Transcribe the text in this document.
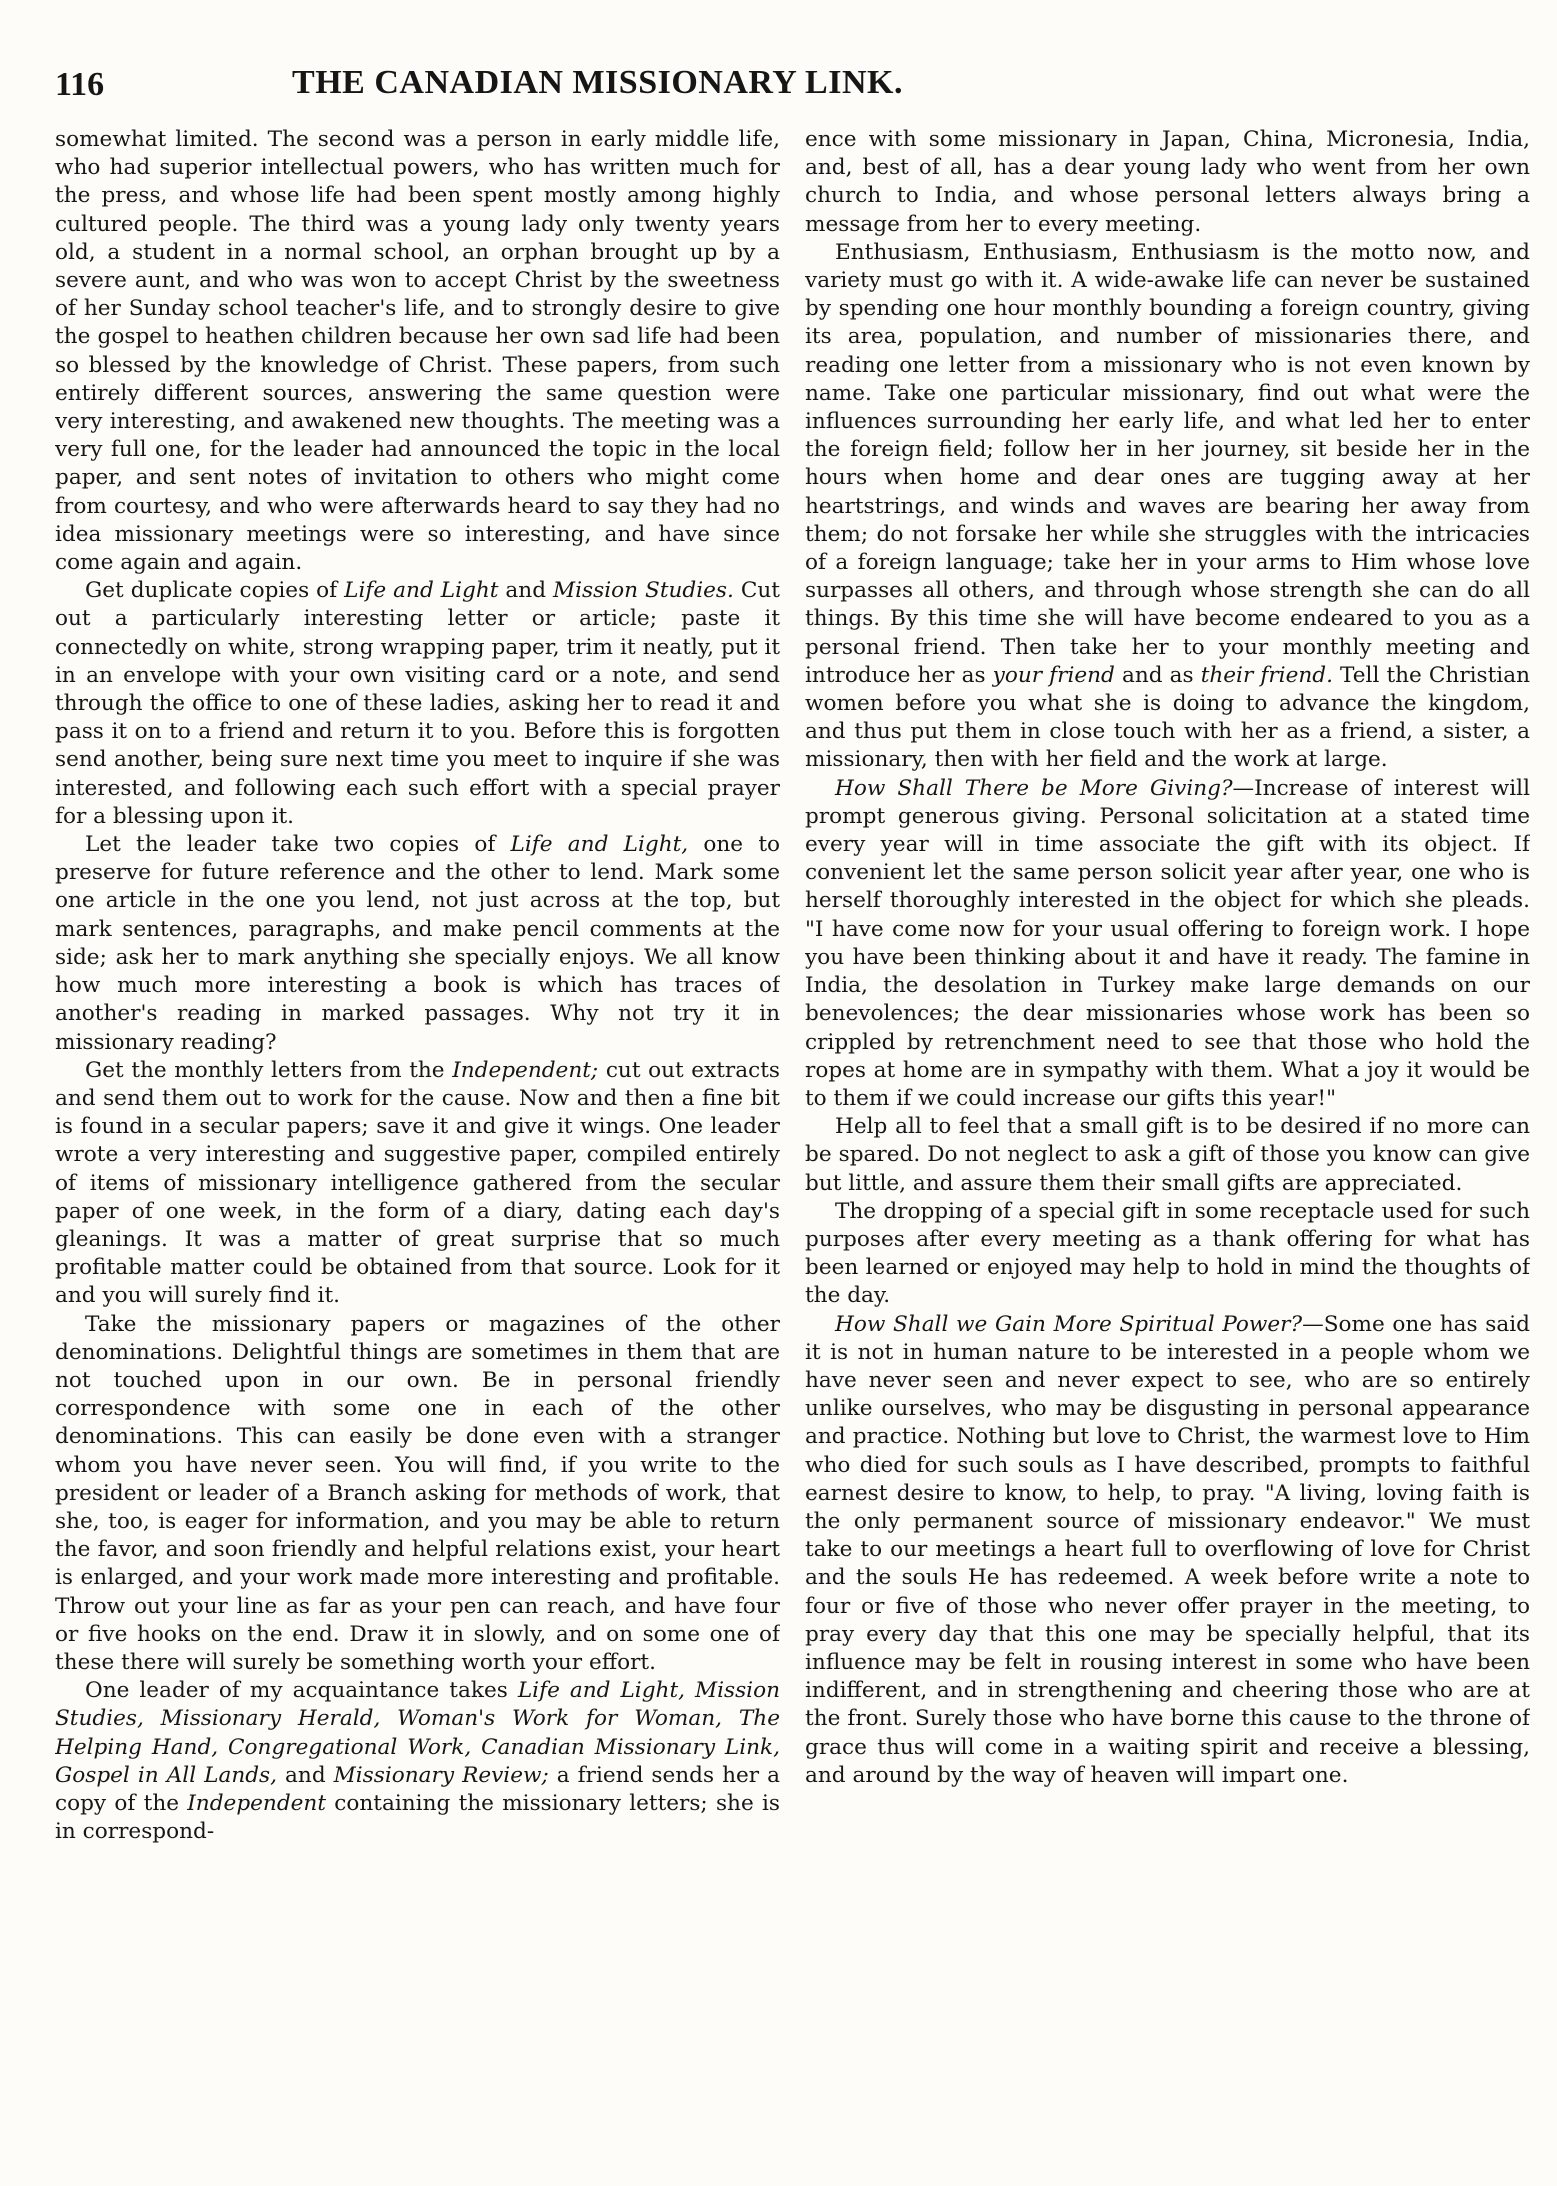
116	THE CANADIAN MISSIONARY LINK.

somewhat limited. The second was a person in early middle life, who had superior intellectual powers, who has written much for the press, and whose life had been spent mostly among highly cultured people. The third was a young lady only twenty years old, a student in a normal school, an orphan brought up by a severe aunt, and who was won to accept Christ by the sweetness of her Sunday school teacher's life, and to strongly desire to give the gospel to heathen children because her own sad life had been so blessed by the knowledge of Christ. These papers, from such entirely different sources, answering the same question were very interesting, and awakened new thoughts. The meeting was a very full one, for the leader had announced the topic in the local paper, and sent notes of invitation to others who might come from courtesy, and who were afterwards heard to say they had no idea missionary meetings were so interesting, and have since come again and again.

Get duplicate copies of Life and Light and Mission Studies. Cut out a particularly interesting letter or article; paste it connectedly on white, strong wrapping paper, trim it neatly, put it in an envelope with your own visiting card or a note, and send through the office to one of these ladies, asking her to read it and pass it on to a friend and return it to you. Before this is forgotten send another, being sure next time you meet to inquire if she was interested, and following each such effort with a special prayer for a blessing upon it.

Let the leader take two copies of Life and Light, one to preserve for future reference and the other to lend. Mark some one article in the one you lend, not just across at the top, but mark sentences, paragraphs, and make pencil comments at the side; ask her to mark anything she specially enjoys. We all know how much more interesting a book is which has traces of another's reading in marked passages. Why not try it in missionary reading?

Get the monthly letters from the Independent; cut out extracts and send them out to work for the cause. Now and then a fine bit is found in a secular papers; save it and give it wings. One leader wrote a very interesting and suggestive paper, compiled entirely of items of missionary intelligence gathered from the secular paper of one week, in the form of a diary, dating each day's gleanings. It was a matter of great surprise that so much profitable matter could be obtained from that source. Look for it and you will surely find it.

Take the missionary papers or magazines of the other denominations. Delightful things are sometimes in them that are not touched upon in our own. Be in personal friendly correspondence with some one in each of the other denominations. This can easily be done even with a stranger whom you have never seen. You will find, if you write to the president or leader of a Branch asking for methods of work, that she, too, is eager for information, and you may be able to return the favor, and soon friendly and helpful relations exist, your heart is enlarged, and your work made more interesting and profitable. Throw out your line as far as your pen can reach, and have four or five hooks on the end. Draw it in slowly, and on some one of these there will surely be something worth your effort.

One leader of my acquaintance takes Life and Light, Mission Studies, Missionary Herald, Woman's Work for Woman, The Helping Hand, Congregational Work, Canadian Missionary Link, Gospel in All Lands, and Missionary Review; a friend sends her a copy of the Independent containing the missionary letters; she is in correspond-

ence with some missionary in Japan, China, Micronesia, India, and, best of all, has a dear young lady who went from her own church to India, and whose personal letters always bring a message from her to every meeting.

Enthusiasm, Enthusiasm, Enthusiasm is the motto now, and variety must go with it. A wide-awake life can never be sustained by spending one hour monthly bounding a foreign country, giving its area, population, and number of missionaries there, and reading one letter from a missionary who is not even known by name. Take one particular missionary, find out what were the influences surrounding her early life, and what led her to enter the foreign field; follow her in her journey, sit beside her in the hours when home and dear ones are tugging away at her heartstrings, and winds and waves are bearing her away from them; do not forsake her while she struggles with the intricacies of a foreign language; take her in your arms to Him whose love surpasses all others, and through whose strength she can do all things. By this time she will have become endeared to you as a personal friend. Then take her to your monthly meeting and introduce her as your friend and as their friend. Tell the Christian women before you what she is doing to advance the kingdom, and thus put them in close touch with her as a friend, a sister, a missionary, then with her field and the work at large.

How Shall There be More Giving?—Increase of interest will prompt generous giving. Personal solicitation at a stated time every year will in time associate the gift with its object. If convenient let the same person solicit year after year, one who is herself thoroughly interested in the object for which she pleads. "I have come now for your usual offering to foreign work. I hope you have been thinking about it and have it ready. The famine in India, the desolation in Turkey make large demands on our benevolences; the dear missionaries whose work has been so crippled by retrenchment need to see that those who hold the ropes at home are in sympathy with them. What a joy it would be to them if we could increase our gifts this year!"

Help all to feel that a small gift is to be desired if no more can be spared. Do not neglect to ask a gift of those you know can give but little, and assure them their small gifts are appreciated.

The dropping of a special gift in some receptacle used for such purposes after every meeting as a thank offering for what has been learned or enjoyed may help to hold in mind the thoughts of the day.

How Shall we Gain More Spiritual Power?—Some one has said it is not in human nature to be interested in a people whom we have never seen and never expect to see, who are so entirely unlike ourselves, who may be disgusting in personal appearance and practice. Nothing but love to Christ, the warmest love to Him who died for such souls as I have described, prompts to faithful earnest desire to know, to help, to pray. "A living, loving faith is the only permanent source of missionary endeavor." We must take to our meetings a heart full to overflowing of love for Christ and the souls He has redeemed. A week before write a note to four or five of those who never offer prayer in the meeting, to pray every day that this one may be specially helpful, that its influence may be felt in rousing interest in some who have been indifferent, and in strengthening and cheering those who are at the front. Surely those who have borne this cause to the throne of grace thus will come in a waiting spirit and receive a blessing, and around by the way of heaven will impart one.
